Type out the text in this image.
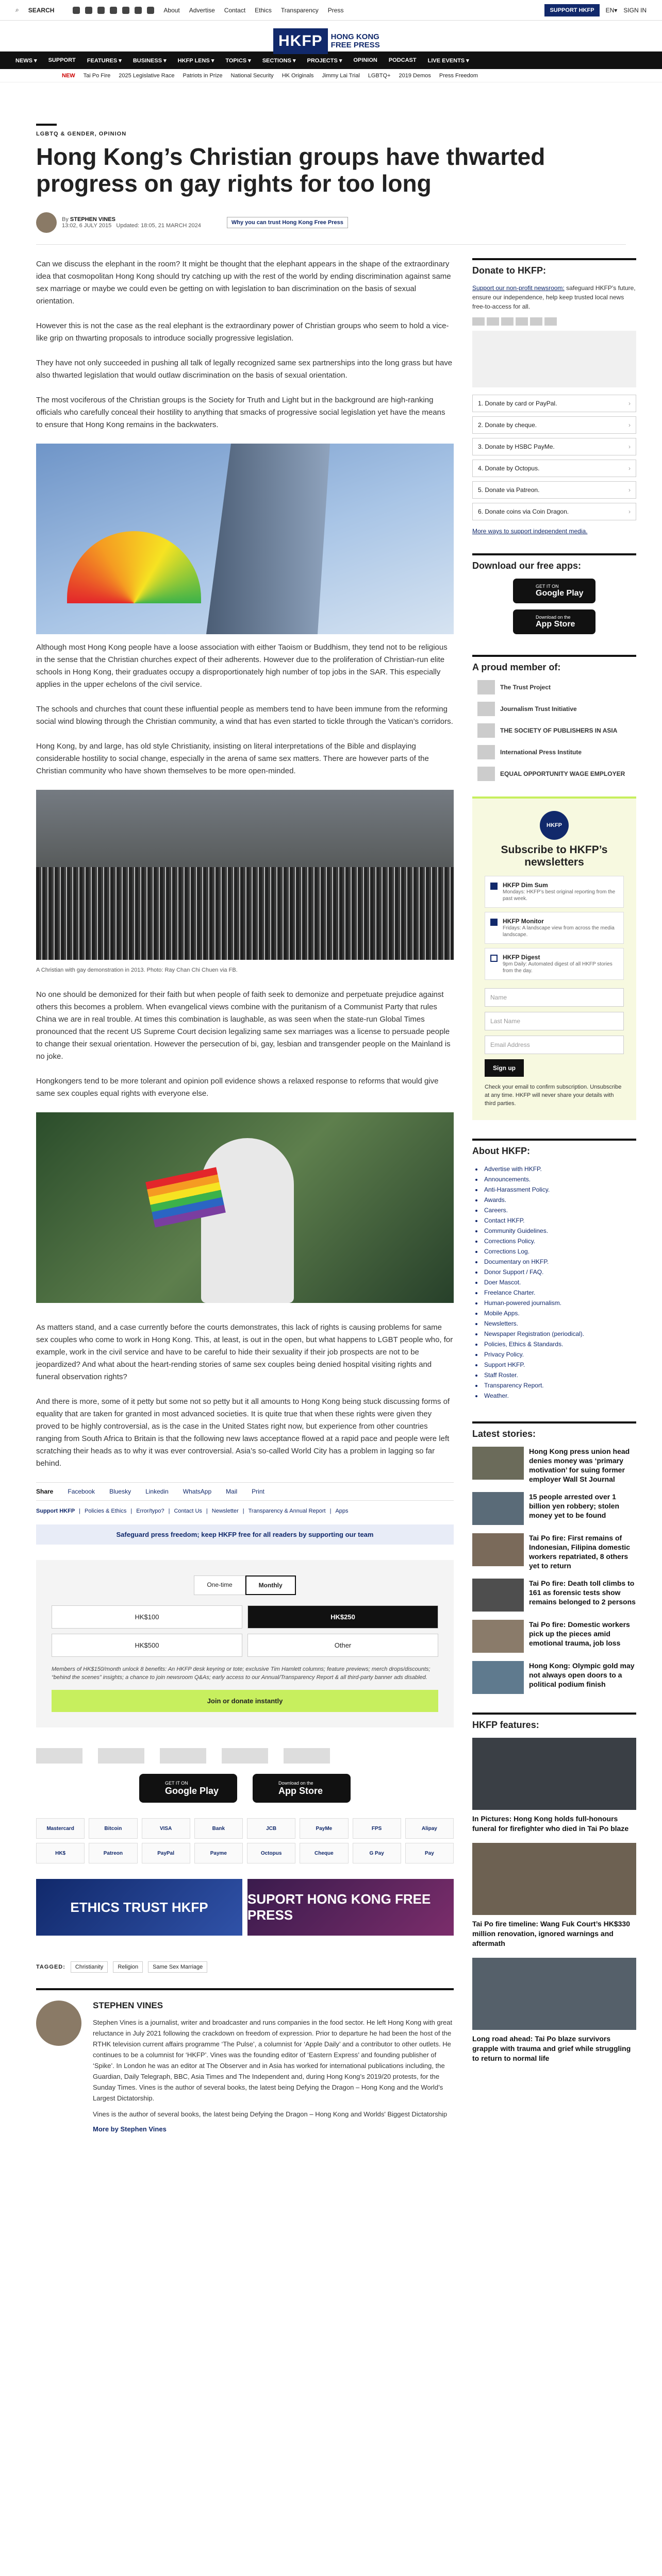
⌕ SEARCH	About Advertise Contact Ethics Transparency Press	SUPPORT HKFP	EN▾ SIGN IN
HKFP	HONG KONG
FREE PRESS
NEWS ▾ SUPPORT FEATURES ▾ BUSINESS ▾ HKFP LENS ▾ TOPICS ▾ SECTIONS ▾ PROJECTS ▾ OPINION PODCAST LIVE EVENTS ▾
NEW Tai Po Fire 2025 Legislative Race Patriots in Prize National Security HK Originals Jimmy Lai Trial LGBTQ+ 2019 Demos Press Freedom
LGBTQ & GENDER, OPINION
Hong Kong’s Christian groups have thwarted progress on gay rights for too long
By STEPHEN VINES
13:02, 6 JULY 2015 Updated: 18:05, 21 MARCH 2024	Why you can trust Hong Kong Free Press

Can we discuss the elephant in the room? It might be thought that the elephant appears in the shape of the extraordinary idea that cosmopolitan Hong Kong should try catching up with the rest of the world by ending discrimination against same sex marriage or maybe we could even be getting on with legislation to ban discrimination on the basis of sexual orientation.

However this is not the case as the real elephant is the extraordinary power of Christian groups who seem to hold a vice-like grip on thwarting proposals to introduce socially progressive legislation.

They have not only succeeded in pushing all talk of legally recognized same sex partnerships into the long grass but have also thwarted legislation that would outlaw discrimination on the basis of sexual orientation.

The most vociferous of the Christian groups is the Society for Truth and Light but in the background are high-ranking officials who carefully conceal their hostility to anything that smacks of progressive social legislation yet have the means to ensure that Hong Kong remains in the backwaters.

Although most Hong Kong people have a loose association with either Taoism or Buddhism, they tend not to be religious in the sense that the Christian churches expect of their adherents. However due to the proliferation of Christian-run elite schools in Hong Kong, their graduates occupy a disproportionately high number of top jobs in the SAR. This especially applies in the upper echelons of the civil service.

The schools and churches that count these influential people as members tend to have been immune from the reforming social wind blowing through the Christian community, a wind that has even started to tickle through the Vatican’s corridors.

Hong Kong, by and large, has old style Christianity, insisting on literal interpretations of the Bible and displaying considerable hostility to social change, especially in the arena of same sex matters. There are however parts of the Christian community who have shown themselves to be more open-minded.

A Christian with gay demonstration in 2013. Photo: Ray Chan Chi Chuen via FB.

No one should be demonized for their faith but when people of faith seek to demonize and perpetuate prejudice against others this becomes a problem. When evangelical views combine with the puritanism of a Communist Party that rules China we are in real trouble. At times this combination is laughable, as was seen when the state-run Global Times pronounced that the recent US Supreme Court decision legalizing same sex marriages was a license to persuade people to change their sexual orientation. However the persecution of bi, gay, lesbian and transgender people on the Mainland is no joke.

Hongkongers tend to be more tolerant and opinion poll evidence shows a relaxed response to reforms that would give same sex couples equal rights with everyone else.

As matters stand, and a case currently before the courts demonstrates, this lack of rights is causing problems for same sex couples who come to work in Hong Kong. This, at least, is out in the open, but what happens to LGBT people who, for example, work in the civil service and have to be careful to hide their sexuality if their job prospects are not to be jeopardized? And what about the heart-rending stories of same sex couples being denied hospital visiting rights and funeral observation rights?

And there is more, some of it petty but some not so petty but it all amounts to Hong Kong being stuck discussing forms of equality that are taken for granted in most advanced societies. It is quite true that when these rights were given they proved to be highly controversial, as is the case in the United States right now, but experience from other countries ranging from South Africa to Britain is that the following new laws acceptance flowed at a rapid pace and people were left scratching their heads as to why it was ever controversial. Asia’s so-called World City has a problem in lagging so far behind.

Share Facebook Bluesky Linkedin WhatsApp Mail Print
Support HKFP | Policies & Ethics | Error/typo? | Contact Us | Newsletter | Transparency & Annual Report | Apps
Safeguard press freedom; keep HKFP free for all readers by supporting our team
One-time	Monthly
HK$100	HK$250
HK$500	Other
Members of HK$150/month unlock 8 benefits: An HKFP desk keyring or tote; exclusive Tim Hamlett columns; feature previews; merch drops/discounts; “behind the scenes” insights; a chance to join newsroom Q&As; early access to our Annual/Transparency Report & all third-party banner ads disabled.
Join or donate instantly
GET IT ON
Google Play
Download on the
App Store
Mastercard	Bitcoin	VISA	Bank	JCB	PayMe	FPS	Alipay
HK$	Patreon	PayPal	Payme	Octopus	Cheque	G Pay	Pay
ETHICS TRUST HKFP
SUPORT HONG KONG FREE PRESS
TAGGED:	Christianity	Religion	Same Sex Marriage
STEPHEN VINES

Stephen Vines is a journalist, writer and broadcaster and runs companies in the food sector. He left Hong Kong with great reluctance in July 2021 following the crackdown on freedom of expression. Prior to departure he had been the host of the RTHK television current affairs programme ‘The Pulse’, a columnist for ‘Apple Daily’ and a contributor to other outlets. He continues to be a columnist for ‘HKFP’. Vines was the founding editor of ‘Eastern Express’ and founding publisher of ‘Spike’. In London he was an editor at The Observer and in Asia has worked for international publications including, the Guardian, Daily Telegraph, BBC, Asia Times and The Independent and, during Hong Kong’s 2019/20 protests, for the Sunday Times. Vines is the author of several books, the latest being Defying the Dragon – Hong Kong and the World’s Largest Dictatorship.

Vines is the author of several books, the latest being Defying the Dragon – Hong Kong and Worlds' Biggest Dictatorship

More by Stephen Vines
Donate to HKFP:
Support our non-profit newsroom: safeguard HKFP’s future, ensure our independence, help keep trusted local news free-to-access for all.
1. Donate by card or PayPal.	›
2. Donate by cheque.	›
3. Donate by HSBC PayMe.	›
4. Donate by Octopus.	›
5. Donate via Patreon.	›
6. Donate coins via Coin Dragon.	›
More ways to support independent media.
Download our free apps:
GET IT ON
Google Play
Download on the
App Store
A proud member of:
The Trust Project
Journalism Trust Initiative
THE SOCIETY OF PUBLISHERS IN ASIA
International Press Institute
EQUAL OPPORTUNITY WAGE EMPLOYER
HKFP
Subscribe to HKFP’s newsletters
HKFP Dim Sum
Mondays: HKFP’s best original reporting from the past week.
HKFP Monitor
Fridays: A landscape view from across the media landscape.
HKFP Digest
9pm Daily: Automated digest of all HKFP stories from the day.
Name
Last Name
Email Address
Sign up
Check your email to confirm subscription. Unsubscribe at any time. HKFP will never share your details with third parties.
About HKFP:
• Advertise with HKFP.
• Announcements.
• Anti-Harassment Policy.
• Awards.
• Careers.
• Contact HKFP.
• Community Guidelines.
• Corrections Policy.
• Corrections Log.
• Documentary on HKFP.
• Donor Support / FAQ.
• Doer Mascot.
• Freelance Charter.
• Human-powered journalism.
• Mobile Apps.
• Newsletters.
• Newspaper Registration (periodical).
• Policies, Ethics & Standards.
• Privacy Policy.
• Support HKFP.
• Staff Roster.
• Transparency Report.
• Weather.
Latest stories:
Hong Kong press union head denies money was ‘primary motivation’ for suing former employer Wall St Journal
15 people arrested over 1 billion yen robbery; stolen money yet to be found
Tai Po fire: First remains of Indonesian, Filipina domestic workers repatriated, 8 others yet to return
Tai Po fire: Death toll climbs to 161 as forensic tests show remains belonged to 2 persons
Tai Po fire: Domestic workers pick up the pieces amid emotional trauma, job loss
Hong Kong: Olympic gold may not always open doors to a political podium finish
HKFP features:
In Pictures: Hong Kong holds full-honours funeral for firefighter who died in Tai Po blaze
Tai Po fire timeline: Wang Fuk Court’s HK$330 million renovation, ignored warnings and aftermath
Long road ahead: Tai Po blaze survivors grapple with trauma and grief while struggling to return to normal life
